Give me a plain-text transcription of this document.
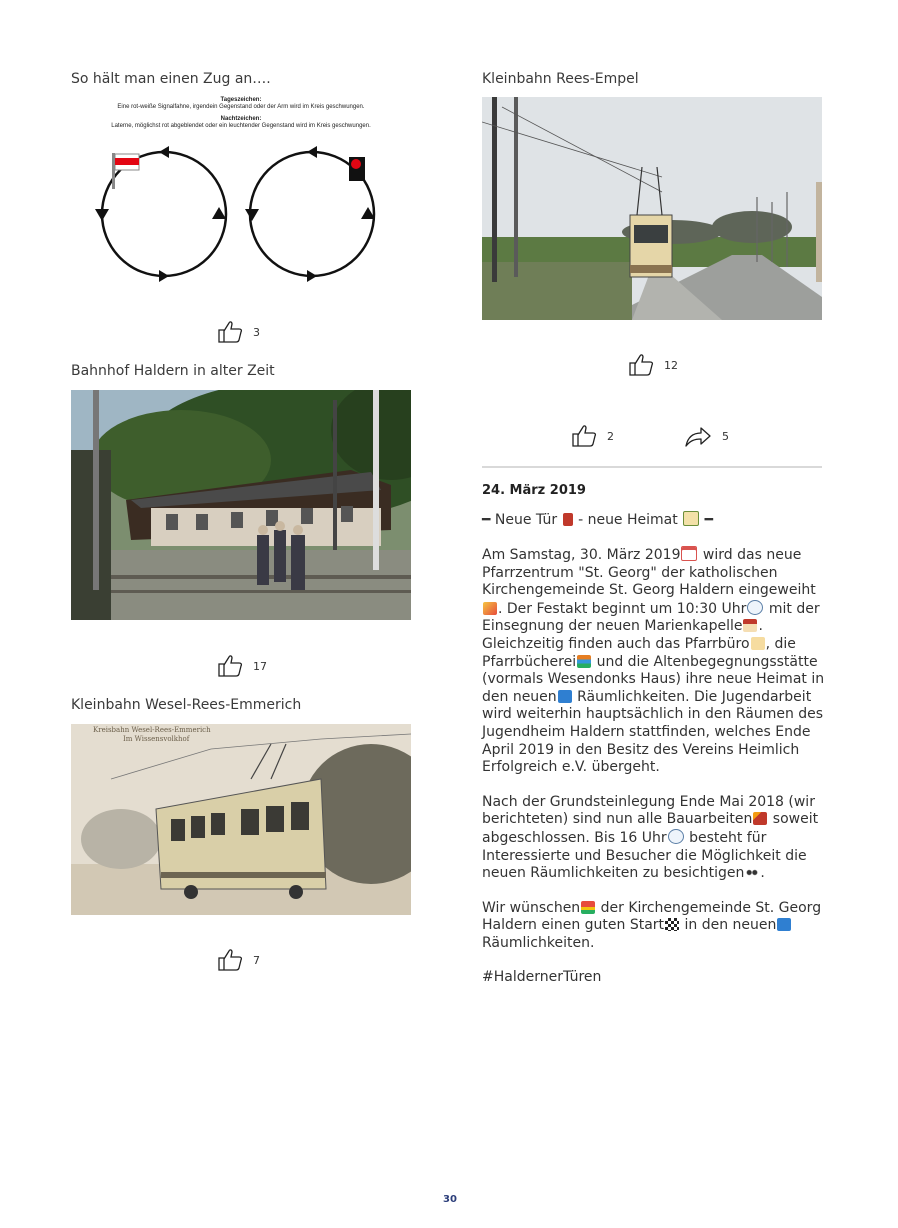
So hält man einen Zug an….
Tageszeichen:
Eine rot-weiße Signalfahne, irgendein Gegenstand oder der Arm wird im Kreis geschwungen.
Nachtzeichen:
Laterne, möglichst rot abgeblendet oder ein leuchtender Gegenstand wird im Kreis geschwungen.
3
Bahnhof Haldern in alter Zeit
17
Kleinbahn Wesel-Rees-Emmerich
Kreisbahn Wesel-Rees-Emmerich
Im Wissensvolkhof
7
Kleinbahn Rees-Empel
12
2	5
24. März 2019
━ Neue Tür  - neue Heimat ━

Am Samstag, 30. März 2019 wird das neue Pfarrzentrum "St. Georg" der katholischen Kirchengemeinde St. Georg Haldern eingeweiht. Der Festakt beginnt um 10:30 Uhr mit der Einsegnung der neuen Marienkapelle . Gleichzeitig finden auch das Pfarrbüro , die Pfarrbücherei und die Altenbegegnungsstätte (vormals Wesendonks Haus) ihre neue Heimat in den neuen Räumlichkeiten. Die Jugendarbeit wird weiterhin hauptsächlich in den Räumen des Jugendheim Haldern stattfinden, welches Ende April 2019 in den Besitz des Vereins Heimlich Erfolgreich e.V. übergeht.

Nach der Grundsteinlegung Ende Mai 2018 (wir berichteten) sind nun alle Bauarbeiten soweit abgeschlossen. Bis 16 Uhr besteht für Interessierte und Besucher die Möglichkeit die neuen Räumlichkeiten zu besichtigen .

Wir wünschen der Kirchengemeinde St. Georg Haldern einen guten Start in den neuen Räumlichkeiten.

#HaldernerTüren

30
